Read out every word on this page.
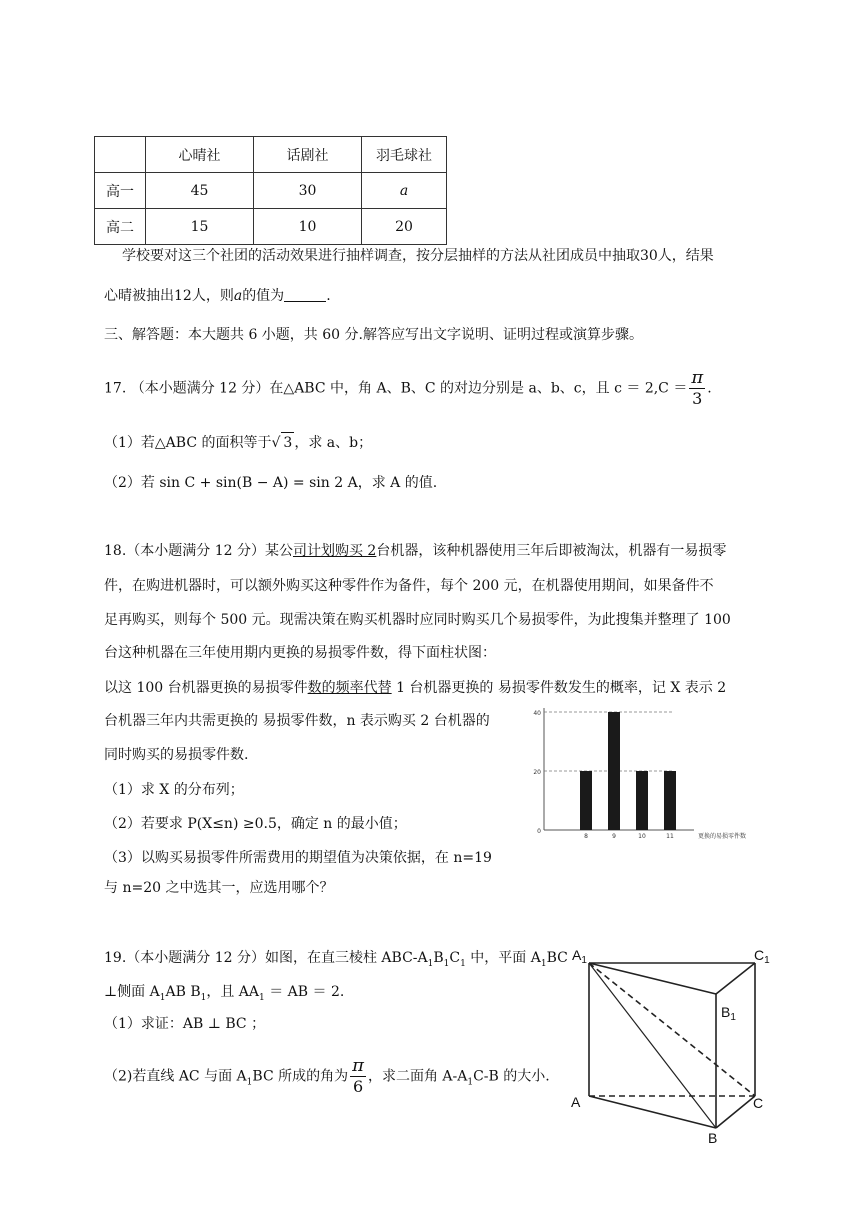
	心晴社	话剧社	羽毛球社
高一	45	30	a
高二	15	10	20
学校要对这三个社团的活动效果进行抽样调查，按分层抽样的方法从社团成员中抽取30人，结果
心晴被抽出12人，则a的值为	.
三、解答题：本大题共 6 小题，共 60 分.解答应写出文字说明、证明过程或演算步骤。
17. （本小题满分 12 分）在△ABC 中，角 A、B、C 的对边分别是 a、b、c，且 $c = 2,C = \frac{\pi}{3}$ .
（1）若△ABC 的面积等于√ 3 ，求 a、b；
（2）若 sin C + sin(B − A) = sin 2 A，求 A 的值.
18.（本小题满分 12 分）某公司计划购买 2台机器，该种机器使用三年后即被淘汰，机器有一易损零
件，在购进机器时，可以额外购买这种零件作为备件，每个 200 元，在机器使用期间，如果备件不
足再购买，则每个 500 元。现需决策在购买机器时应同时购买几个易损零件，为此搜集并整理了 100
台这种机器在三年使用期内更换的易损零件数，得下面柱状图：
以这 100 台机器更换的易损零件数的频率代替 1 台机器更换的 易损零件数发生的概率，记 X 表示 2
台机器三年内共需更换的 易损零件数，n 表示购买 2 台机器的
同时购买的易损零件数.
（1）求 X 的分布列；
（2）若要求 P(X≤n) ≥0.5，确定 n 的最小值；
（3）以购买易损零件所需费用的期望值为决策依据，在 n=19
与 n=20 之中选其一，应选用哪个？
0
20
40
8	9	10	11	更换的易损零件数
19.（本小题满分 12 分）如图，在直三棱柱 ABC-$A_1B_1C_1$ 中，平面 $A_1BC$
⊥侧面 $A_1AB$ $B_1$，且 $AA_1$ ＝ AB ＝ 2.
（1）求证：AB ⊥ BC ；
（2)若直线 AC 与面 $A_1BC$ 所成的角为 $\frac{\pi}{6}$ ，求二面角 $A-A_1C-B$ 的大小.
$A_1$	$C_1$
$B_1$
A
B
C
